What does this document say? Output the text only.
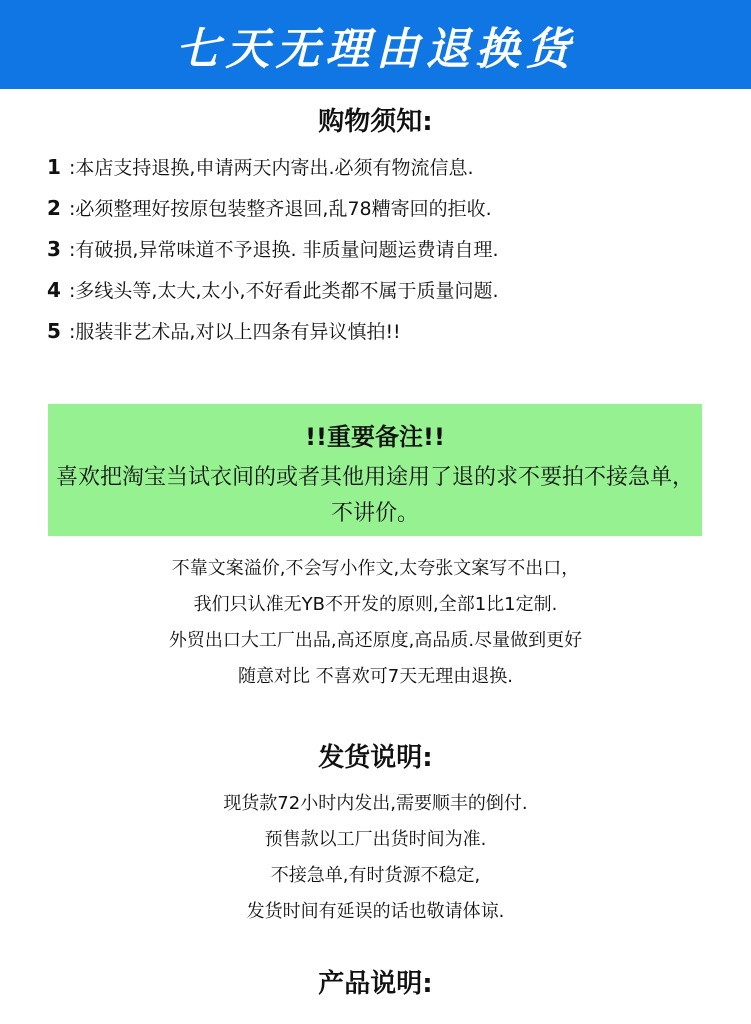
七天无理由退换货
购物须知:
1 :本店支持退换,申请两天内寄出.必须有物流信息.
2 :必须整理好按原包装整齐退回,乱78糟寄回的拒收.
3 :有破损,异常味道不予退换. 非质量问题运费请自理.
4 :多线头等,太大,太小,不好看此类都不属于质量问题.
5 :服装非艺术品,对以上四条有异议慎拍!!
!!重要备注!!
喜欢把淘宝当试衣间的或者其他用途用了退的求不要拍不接急单，不讲价。
不靠文案溢价,不会写小作文,太夸张文案写不出口，
我们只认准无YB不开发的原则,全部1比1定制.
外贸出口大工厂出品,高还原度,高品质.尽量做到更好
随意对比 不喜欢可7天无理由退换.
发货说明:
现货款72小时内发出,需要顺丰的倒付.
预售款以工厂出货时间为准.
不接急单,有时货源不稳定,
发货时间有延误的话也敬请体谅.
产品说明:
